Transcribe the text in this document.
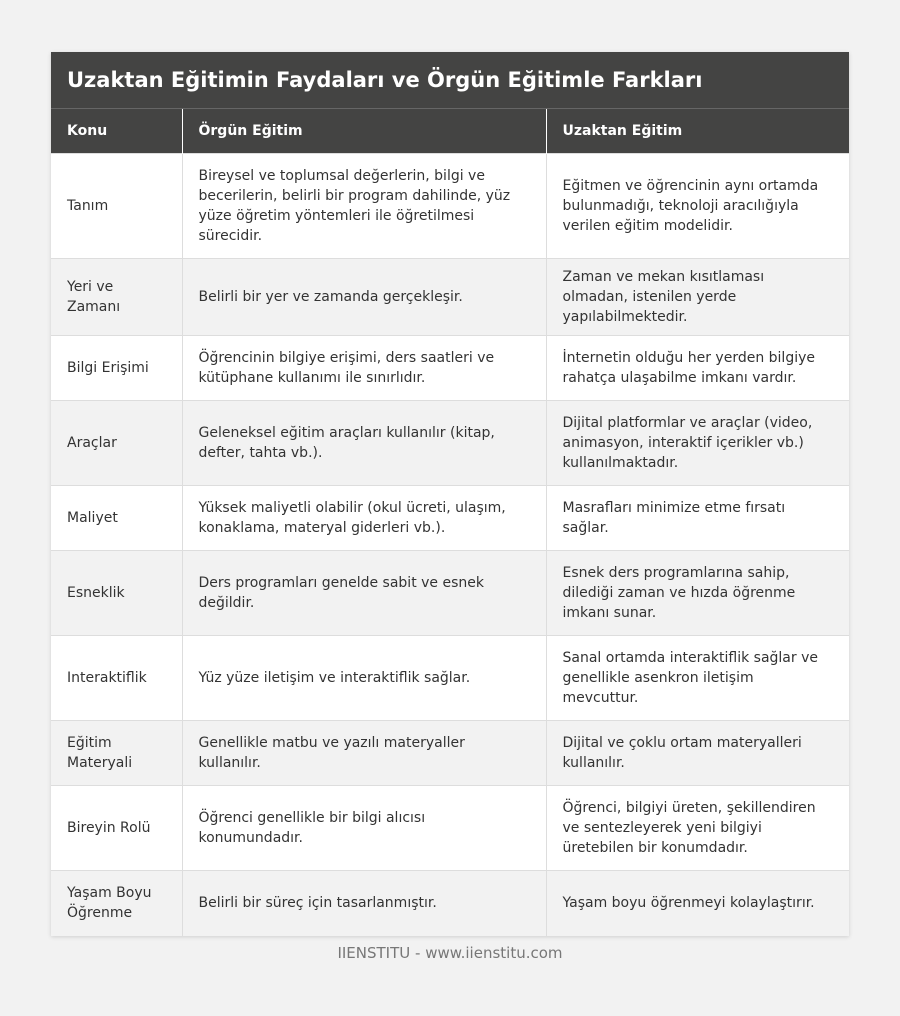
Uzaktan Eğitimin Faydaları ve Örgün Eğitimle Farkları
Konu	Örgün Eğitim	Uzaktan Eğitim
Tanım	Bireysel ve toplumsal değerlerin, bilgi ve becerilerin, belirli bir program dahilinde, yüz yüze öğretim yöntemleri ile öğretilmesi sürecidir.	Eğitmen ve öğrencinin aynı ortamda bulunmadığı, teknoloji aracılığıyla verilen eğitim modelidir.
Yeri ve Zamanı	Belirli bir yer ve zamanda gerçekleşir.	Zaman ve mekan kısıtlaması olmadan, istenilen yerde yapılabilmektedir.
Bilgi Erişimi	Öğrencinin bilgiye erişimi, ders saatleri ve kütüphane kullanımı ile sınırlıdır.	İnternetin olduğu her yerden bilgiye rahatça ulaşabilme imkanı vardır.
Araçlar	Geleneksel eğitim araçları kullanılır (kitap, defter, tahta vb.).	Dijital platformlar ve araçlar (video, animasyon, interaktif içerikler vb.) kullanılmaktadır.
Maliyet	Yüksek maliyetli olabilir (okul ücreti, ulaşım, konaklama, materyal giderleri vb.).	Masrafları minimize etme fırsatı sağlar.
Esneklik	Ders programları genelde sabit ve esnek değildir.	Esnek ders programlarına sahip, dilediği zaman ve hızda öğrenme imkanı sunar.
Interaktiflik	Yüz yüze iletişim ve interaktiflik sağlar.	Sanal ortamda interaktiflik sağlar ve genellikle asenkron iletişim mevcuttur.
Eğitim Materyali	Genellikle matbu ve yazılı materyaller kullanılır.	Dijital ve çoklu ortam materyalleri kullanılır.
Bireyin Rolü	Öğrenci genellikle bir bilgi alıcısı konumundadır.	Öğrenci, bilgiyi üreten, şekillendiren ve sentezleyerek yeni bilgiyi üretebilen bir konumdadır.
Yaşam Boyu Öğrenme	Belirli bir süreç için tasarlanmıştır.	Yaşam boyu öğrenmeyi kolaylaştırır.
IIENSTITU - www.iienstitu.com
